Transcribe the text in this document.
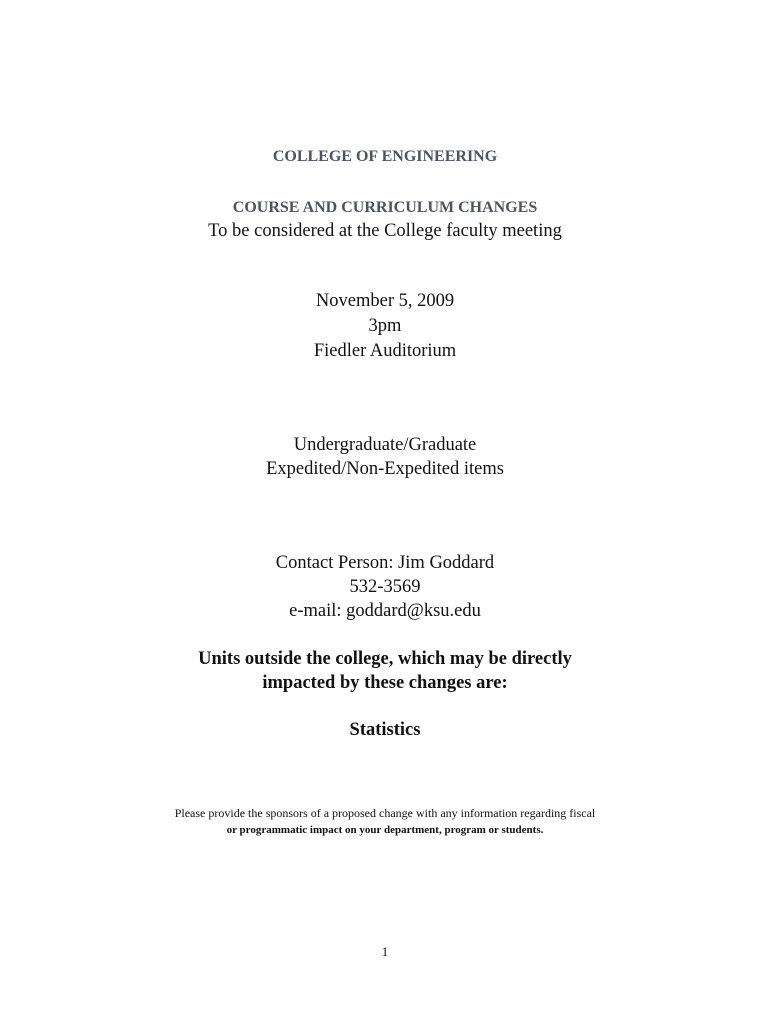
COLLEGE OF ENGINEERING
COURSE AND CURRICULUM CHANGES
To be considered at the College faculty meeting
November 5, 2009
3pm
Fiedler Auditorium
Undergraduate/Graduate
Expedited/Non-Expedited items
Contact Person: Jim Goddard
532-3569
e-mail: goddard@ksu.edu
Units outside the college, which may be directly
impacted by these changes are:
Statistics
Please provide the sponsors of a proposed change with any information regarding fiscal
or programmatic impact on your department, program or students.
1
